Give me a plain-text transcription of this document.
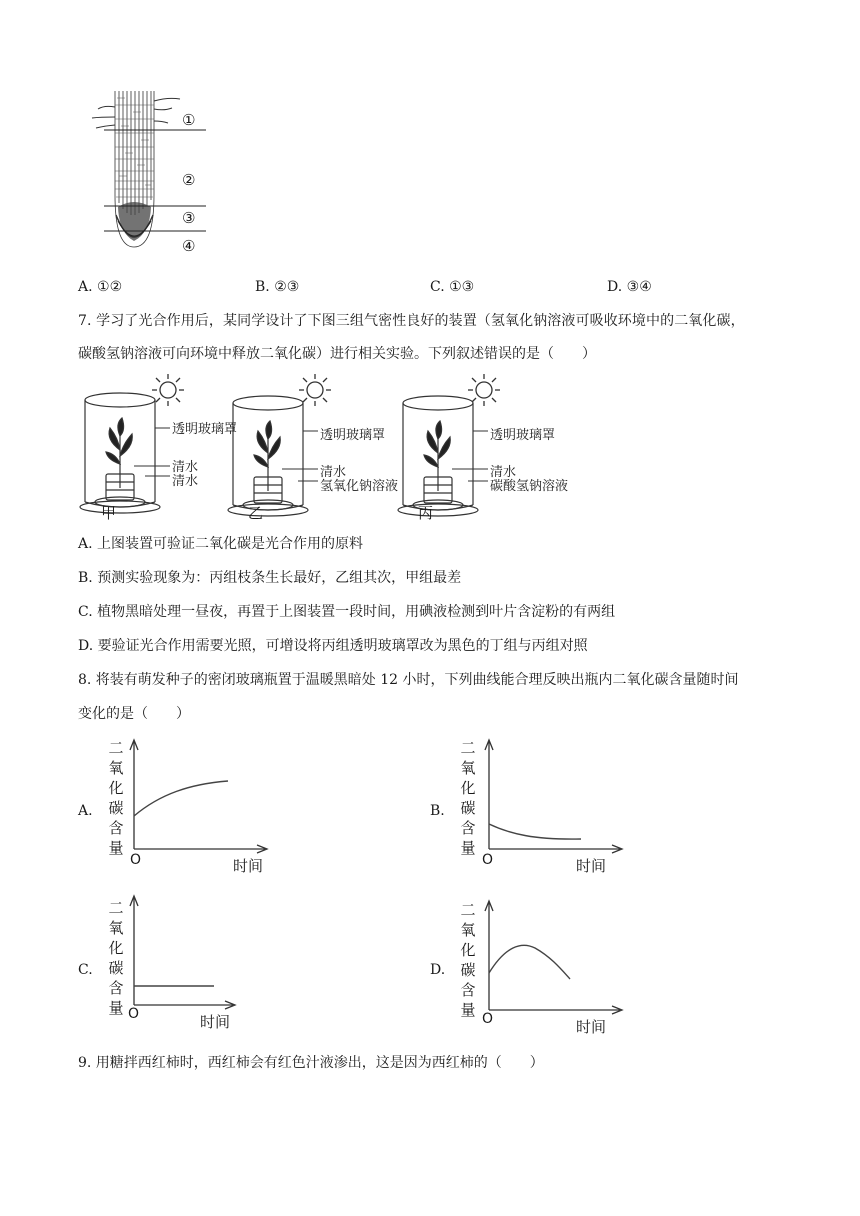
①
②
③
④
A. ①②	B. ②③	C. ①③	D. ③④
7. 学习了光合作用后，某同学设计了下图三组气密性良好的装置（氢氧化钠溶液可吸收环境中的二氧化碳，
碳酸氢钠溶液可向环境中释放二氧化碳）进行相关实验。下列叙述错误的是（　　）
透明玻璃罩
清水
清水
甲
透明玻璃罩
清水
氢氧化钠溶液
乙
透明玻璃罩
清水
碳酸氢钠溶液
丙
A. 上图装置可验证二氧化碳是光合作用的原料
B. 预测实验现象为：丙组枝条生长最好，乙组其次，甲组最差
C. 植物黑暗处理一昼夜，再置于上图装置一段时间，用碘液检测到叶片含淀粉的有两组
D. 要验证光合作用需要光照，可增设将丙组透明玻璃罩改为黑色的丁组与丙组对照
8. 将装有萌发种子的密闭玻璃瓶置于温暖黑暗处 12 小时，下列曲线能合理反映出瓶内二氧化碳含量随时间
变化的是（　　）
A.	B.
C.	D.
二
氧
化
碳
含
量
O	时间
二
氧
化
碳
含
量
O	时间
二
氧
化
碳
含
量 O	时间
二
氧
化
碳
含
量 O	时间
9. 用糖拌西红柿时，西红柿会有红色汁液渗出，这是因为西红柿的（　　）
